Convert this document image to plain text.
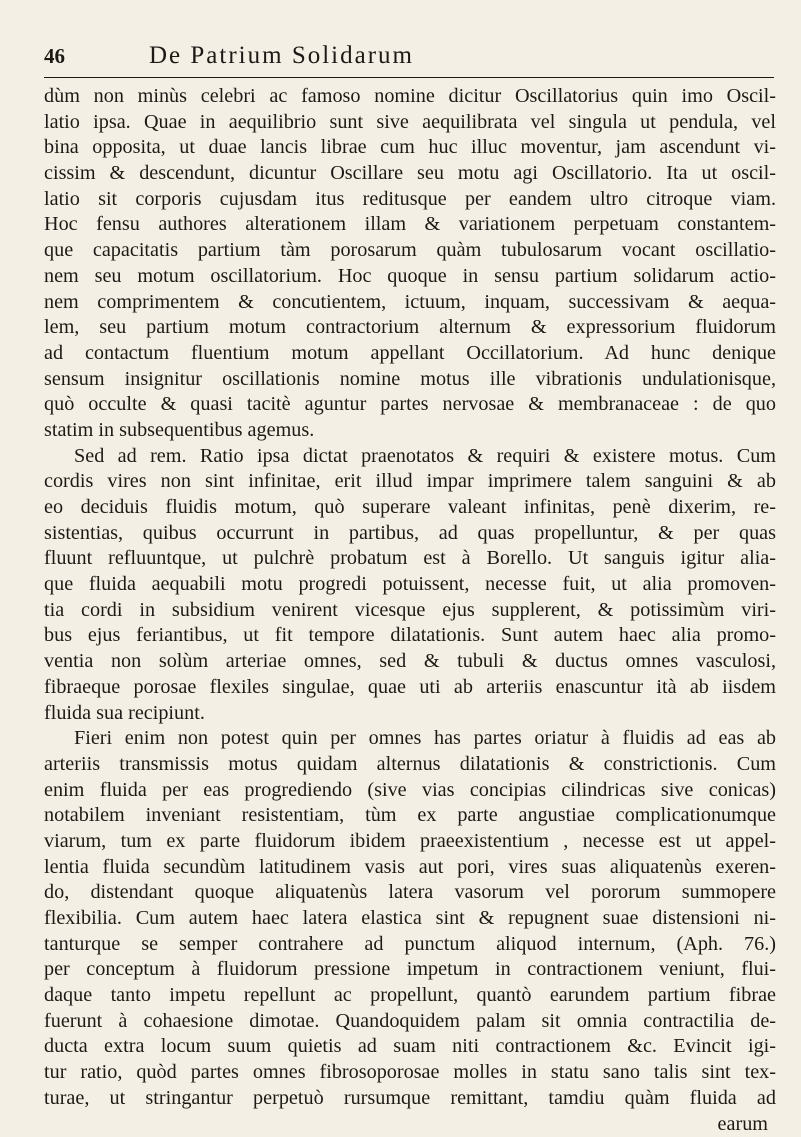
46	De Patrium Solidarum
dùm non minùs celebri ac famoso nomine dicitur Oscillatorius quin imo Oscil-
latio ipsa. Quae in aequilibrio sunt sive aequilibrata vel singula ut pendula, vel
bina opposita, ut duae lancis librae cum huc illuc moventur, jam ascendunt vi-
cissim & descendunt, dicuntur Oscillare seu motu agi Oscillatorio. Ita ut oscil-
latio sit corporis cujusdam itus reditusque per eandem ultro citroque viam.
Hoc fensu authores alterationem illam & variationem perpetuam constantem-
que capacitatis partium tàm porosarum quàm tubulosarum vocant oscillatio-
nem seu motum oscillatorium. Hoc quoque in sensu partium solidarum actio-
nem comprimentem & concutientem, ictuum, inquam, successivam & aequa-
lem, seu partium motum contractorium alternum & expressorium fluidorum
ad contactum fluentium motum appellant Occillatorium. Ad hunc denique
sensum insignitur oscillationis nomine motus ille vibrationis undulationisque,
quò occulte & quasi tacitè aguntur partes nervosae & membranaceae : de quo
statim in subsequentibus agemus.
Sed ad rem. Ratio ipsa dictat praenotatos & requiri & existere motus. Cum
cordis vires non sint infinitae, erit illud impar imprimere talem sanguini & ab
eo deciduis fluidis motum, quò superare valeant infinitas, penè dixerim, re-
sistentias, quibus occurrunt in partibus, ad quas propelluntur, & per quas
fluunt refluuntque, ut pulchrè probatum est à Borello. Ut sanguis igitur alia-
que fluida aequabili motu progredi potuissent, necesse fuit, ut alia promoven-
tia cordi in subsidium venirent vicesque ejus supplerent, & potissimùm viri-
bus ejus feriantibus, ut fit tempore dilatationis. Sunt autem haec alia promo-
ventia non solùm arteriae omnes, sed & tubuli & ductus omnes vasculosi,
fibraeque porosae flexiles singulae, quae uti ab arteriis enascuntur ità ab iisdem
fluida sua recipiunt.
Fieri enim non potest quin per omnes has partes oriatur à fluidis ad eas ab
arteriis transmissis motus quidam alternus dilatationis & constrictionis. Cum
enim fluida per eas progrediendo (sive vias concipias cilindricas sive conicas)
notabilem inveniant resistentiam, tùm ex parte angustiae complicationumque
viarum, tum ex parte fluidorum ibidem praeexistentium , necesse est ut appel-
lentia fluida secundùm latitudinem vasis aut pori, vires suas aliquatenùs exeren-
do, distendant quoque aliquatenùs latera vasorum vel pororum summopere
flexibilia. Cum autem haec latera elastica sint & repugnent suae distensioni ni-
tanturque se semper contrahere ad punctum aliquod internum, (Aph. 76.)
per conceptum à fluidorum pressione impetum in contractionem veniunt, flui-
daque tanto impetu repellunt ac propellunt, quantò earundem partium fibrae
fuerunt à cohaesione dimotae. Quandoquidem palam sit omnia contractilia de-
ducta extra locum suum quietis ad suam niti contractionem &c. Evincit igi-
tur ratio, quòd partes omnes fibrosoporosae molles in statu sano talis sint tex-
turae, ut stringantur perpetuò rursumque remittant, tamdiu quàm fluida ad
earum
